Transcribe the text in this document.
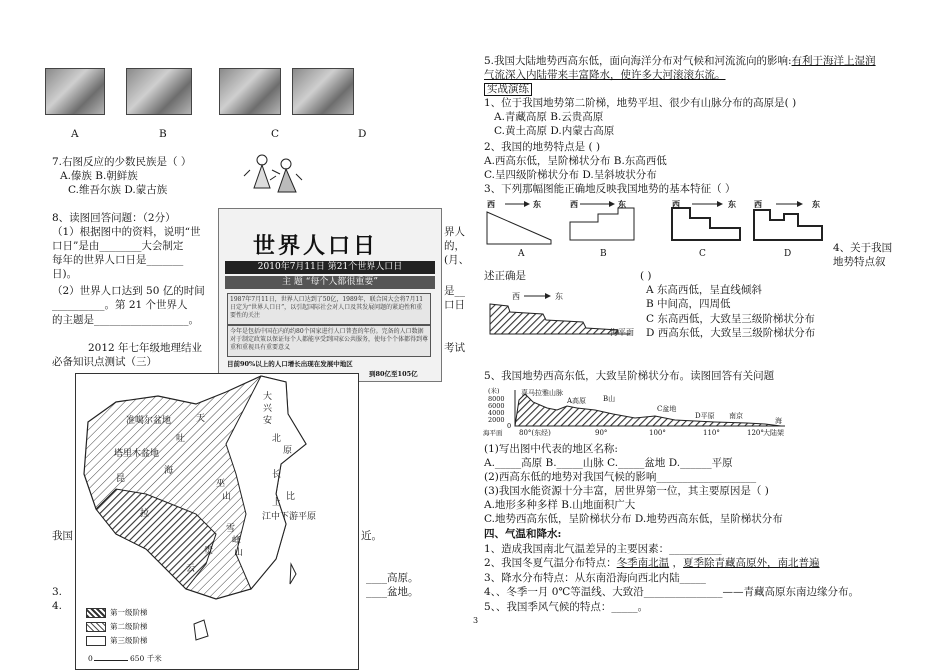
A	B	C	D
7.右图反应的少数民族是（ ）
A.傣族 B.朝鲜族
C.维吾尔族 D.蒙古族
8、读图回答问题：（2分）
（1）根据图中的资料，说明“世
口日”是由________大会制定
每年的世界人口日是_______
日)。
（2）世界人口达到 50 亿的时间
__________。第 21 个世界人
的主题是__________________。
界人
的，
(月、
是__
口日
2012 年七年级地理结业
必备知识点测试（三）
考试
世界人口日
2010年7月11日 第21个世界人口日
主 题 “每个人都很重要”
1987年7月11日，世界人口达到了50亿，1989年，联合国大会将7月11日定为“世界人口日”，以引起国际社会对人口及其发展问题的紧迫性和重要性的关注
今年是包括中国在内的约80个国家进行人口普查的年份。完备的人口数据对于制定政策以保证每个人都能享受到国家公共服务，使每个个体都得到尊重和重视具有重要意义
目前90%以上的人口增长出现在发展中地区
到80亿至105亿
准噶尔盆地
塔里木盆地
江中下游平原
大
兴
安
北
原
长
巫
山
雪
峰
山
拉
上
吐
云
天
比
昆
贵
海
第一级阶梯
第二级阶梯
第三级阶梯
0	650 千米
我国	近。
3.
____高原。
4.
____盆地。
5.我国大陆地势西高东低，面向海洋分布对气候和河流流向的影响:有利于海洋上湿润
气流深入内陆带来丰富降水，使许多大河滚滚东流。
实战演练
1、位于我国地势第二阶梯，地势平坦、很少有山脉分布的高原是( )
A.青藏高原 B.云贵高原
C.黄土高原 D.内蒙古高原
2、我国的地势特点是 ( )
A.西高东低，呈阶梯状分布 B.东高西低
C.呈四级阶梯状分布 D.呈斜坡状分布
3、下列那幅图能正确地反映我国地势的基本特征（ ）
西	东	西	东	西	东 西	东
A	B	C	D	4、关于我国
地势特点叙
述正确是	( )
西	东
海平面
A 东高西低，呈直线倾斜
B 中间高，四周低
C 东高西低，大致呈三级阶梯状分布
D 西高东低，大致呈三级阶梯状分布
5、我国地势西高东低，大致呈阶梯状分布。读图回答有关问题
(米)
8000
6000
4000
2000
0
海平面
喜马拉雅山脉
A高原 B山
C盆地
D平原 南京
海
80°(东经)	90°	100°	110°	120° 大陆架
(1)写出图中代表的地区名称:
A._____高原 B._____山脉 C._____盆地 D.______平原
(2)西高东低的地势对我国气候的影响___________________
(3)我国水能资源十分丰富，居世界第一位，其主要原因是（ )
A.地形多种多样 B.山地面积广大
C.地势西高东低，呈阶梯状分布 D.地势西高东低，呈阶梯状分布
四、气温和降水:
1、造成我国南北气温差异的主要因素：__________
2、我国冬夏气温分布特点：冬季南北温 ，夏季除青藏高原外，南北普遍
3、降水分布特点：从东南沿海向西北内陆_____
4、、冬季一月 0℃等温线、大致沿_______________——青藏高原东南边缘分布。
5、、我国季风气候的特点：_____。
3
